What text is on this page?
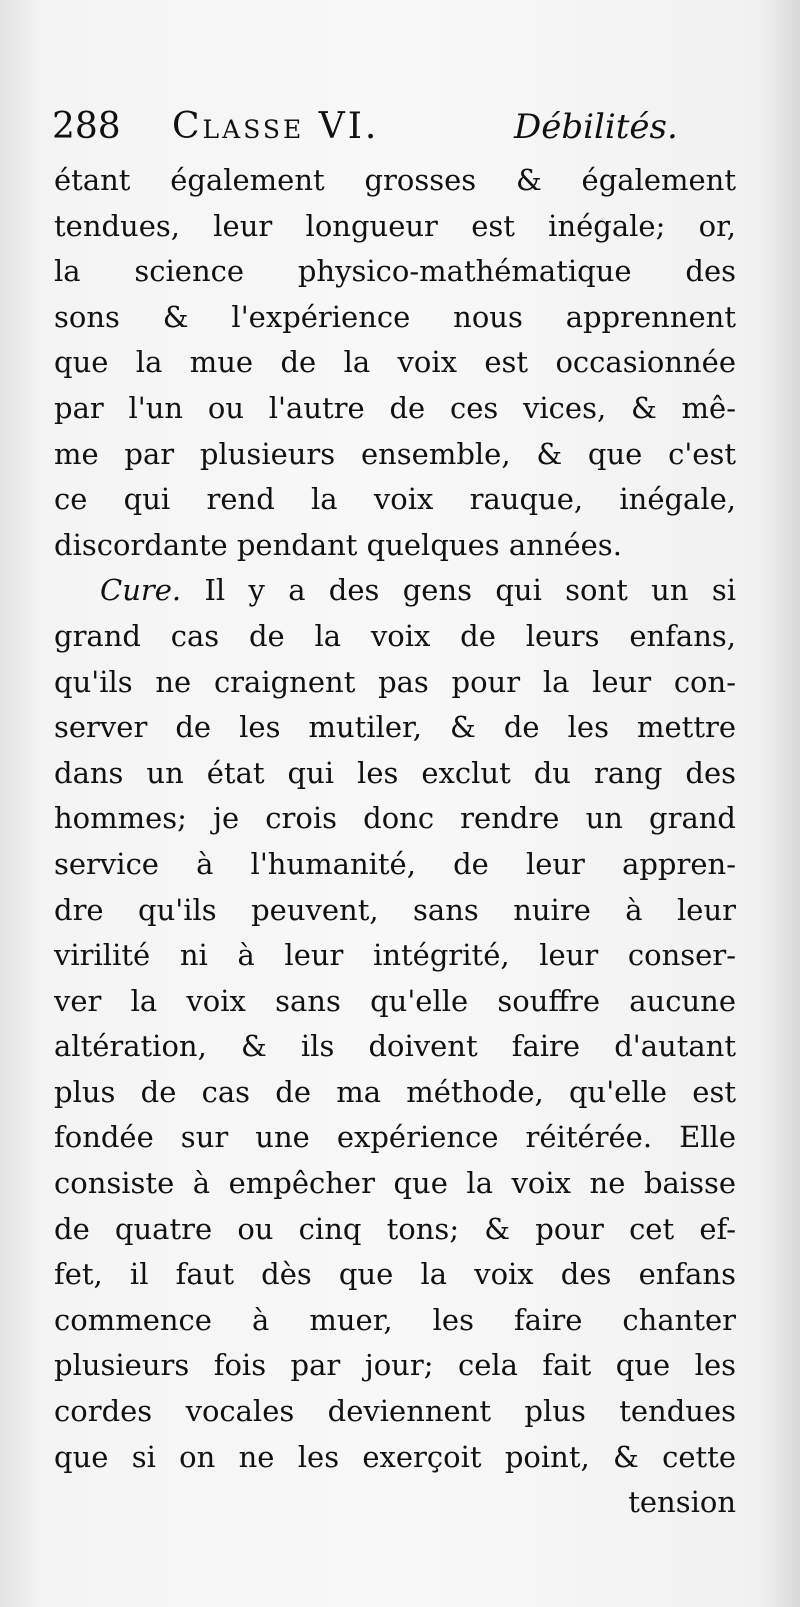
288 Classe VI.	Débilités.
étant également grosses & également
tendues, leur longueur est inégale; or,
la science physico-mathématique des
sons & l'expérience nous apprennent
que la mue de la voix est occasionnée
par l'un ou l'autre de ces vices, & mê-
me par plusieurs ensemble, & que c'est
ce qui rend la voix rauque, inégale,
discordante pendant quelques années.
Cure. Il y a des gens qui sont un si
grand cas de la voix de leurs enfans,
qu'ils ne craignent pas pour la leur con-
server de les mutiler, & de les mettre
dans un état qui les exclut du rang des
hommes; je crois donc rendre un grand
service à l'humanité, de leur appren-
dre qu'ils peuvent, sans nuire à leur
virilité ni à leur intégrité, leur conser-
ver la voix sans qu'elle souffre aucune
altération, & ils doivent faire d'autant
plus de cas de ma méthode, qu'elle est
fondée sur une expérience réitérée. Elle
consiste à empêcher que la voix ne baisse
de quatre ou cinq tons; & pour cet ef-
fet, il faut dès que la voix des enfans
commence à muer, les faire chanter
plusieurs fois par jour; cela fait que les
cordes vocales deviennent plus tendues
que si on ne les exerçoit point, & cette
tension
